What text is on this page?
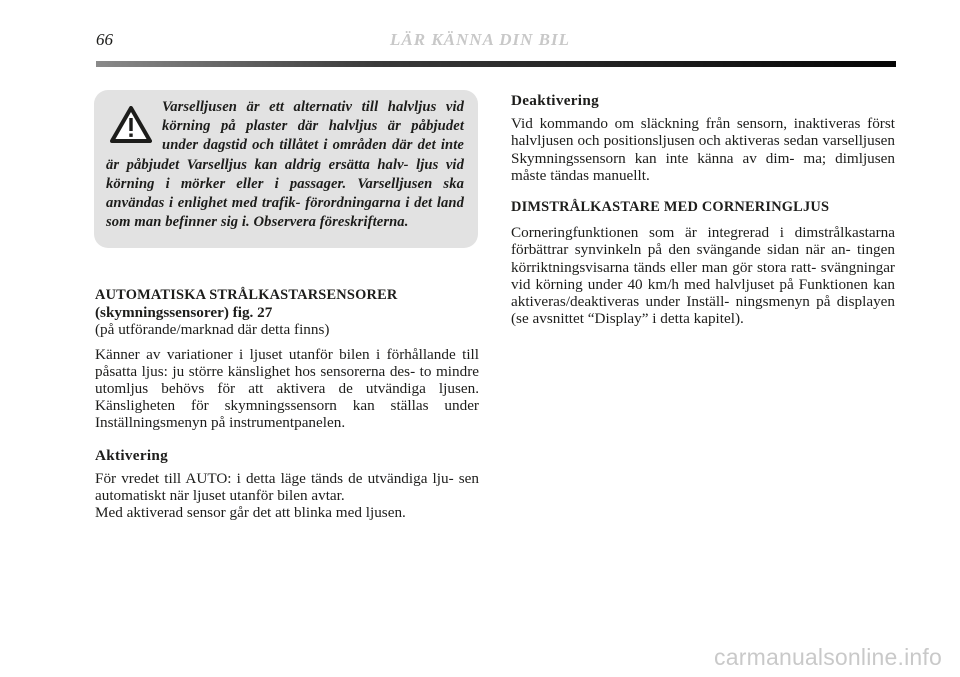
66	LÄR KÄNNA DIN BIL

Varselljusen är ett alternativ till halvljus vid körning på plaster där halvljus är påbjudet under dagstid och tillåtet i områden där det inte är påbjudet Varselljus kan aldrig ersätta halv- ljus vid körning i mörker eller i passager. Varselljusen ska användas i enlighet med trafik- förordningarna i det land som man befinner sig i. Observera föreskrifterna.

AUTOMATISKA STRÅLKASTARSENSORER

(skymningssensorer) fig. 27

(på utförande/marknad där detta finns)

Känner av variationer i ljuset utanför bilen i förhållande till påsatta ljus: ju större känslighet hos sensorerna des- to mindre utomljus behövs för att aktivera de utvändiga ljusen. Känsligheten för skymningssensorn kan ställas under Inställningsmenyn på instrumentpanelen.

Aktivering

För vredet till AUTO: i detta läge tänds de utvändiga lju- sen automatiskt när ljuset utanför bilen avtar.
Med aktiverad sensor går det att blinka med ljusen.

Deaktivering

Vid kommando om släckning från sensorn, inaktiveras först halvljusen och positionsljusen och aktiveras sedan varselljusen Skymningssensorn kan inte känna av dim- ma; dimljusen måste tändas manuellt.

DIMSTRÅLKASTARE MED CORNERINGLJUS

Corneringfunktionen som är integrerad i dimstrålkastarna förbättrar synvinkeln på den svängande sidan när an- tingen körriktningsvisarna tänds eller man gör stora ratt- svängningar vid körning under 40 km/h med halvljuset på Funktionen kan aktiveras/deaktiveras under Inställ- ningsmenyn på displayen (se avsnittet “Display” i detta kapitel).

carmanualsonline.info
